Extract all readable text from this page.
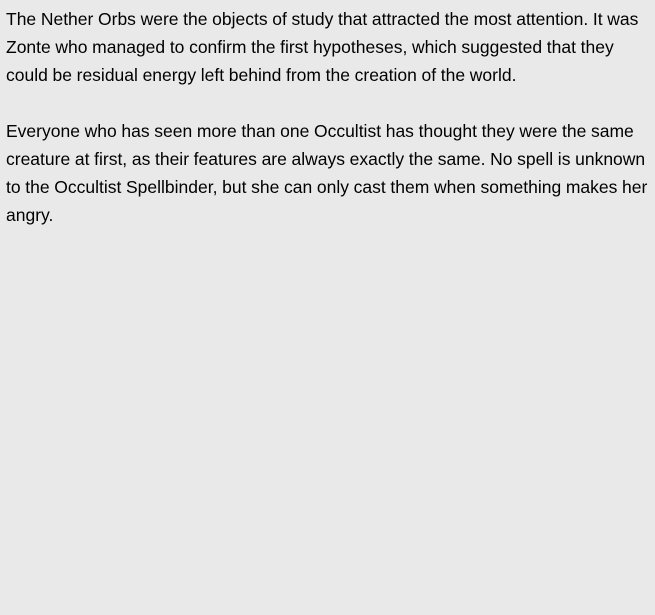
The Nether Orbs were the objects of study that attracted the most attention. It was Zonte who managed to confirm the first hypotheses, which suggested that they could be residual energy left behind from the creation of the world.

Everyone who has seen more than one Occultist has thought they were the same creature at first, as their features are always exactly the same. No spell is unknown to the Occultist Spellbinder, but she can only cast them when something makes her angry.
